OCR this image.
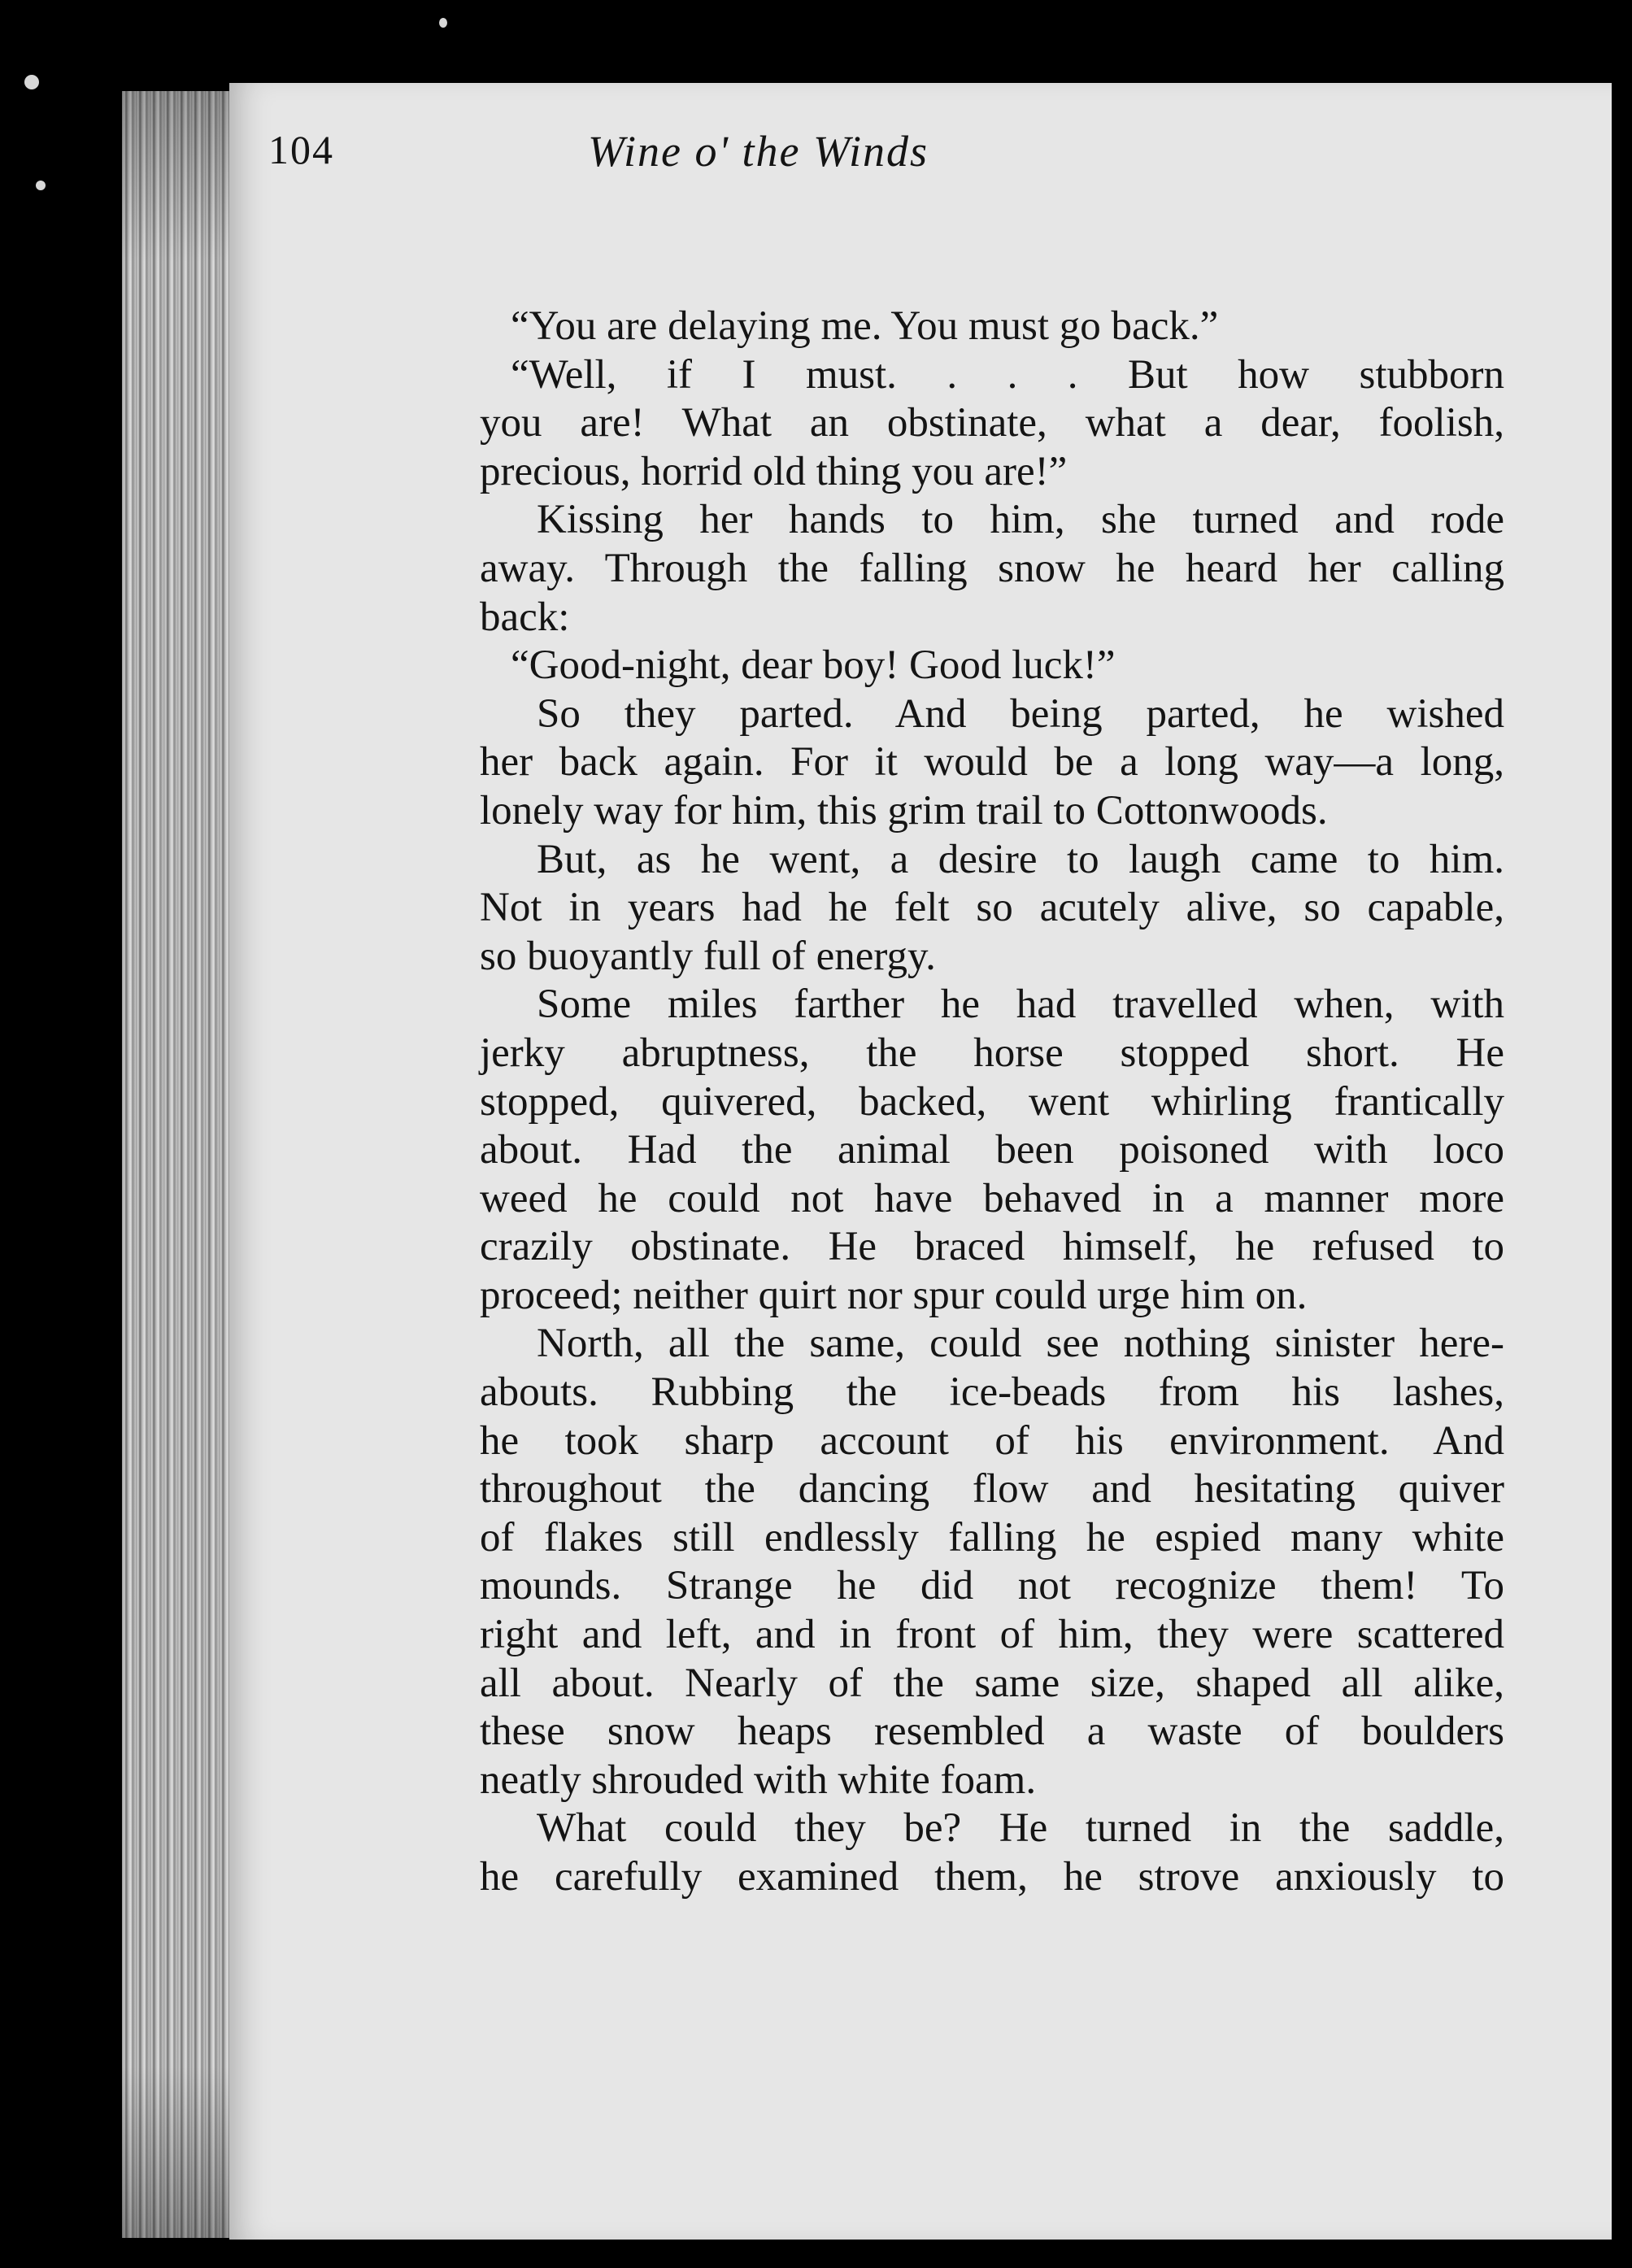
104	Wine o' the Winds
“You are delaying me. You must go back.”
“Well, if I must. . . . But how stubborn
you are! What an obstinate, what a dear, foolish,
precious, horrid old thing you are!”
Kissing her hands to him, she turned and rode
away. Through the falling snow he heard her calling
back:
“Good-night, dear boy! Good luck!”
So they parted. And being parted, he wished
her back again. For it would be a long way—a long,
lonely way for him, this grim trail to Cottonwoods.
But, as he went, a desire to laugh came to him.
Not in years had he felt so acutely alive, so capable,
so buoyantly full of energy.
Some miles farther he had travelled when, with
jerky abruptness, the horse stopped short. He
stopped, quivered, backed, went whirling frantically
about. Had the animal been poisoned with loco
weed he could not have behaved in a manner more
crazily obstinate. He braced himself, he refused to
proceed; neither quirt nor spur could urge him on.
North, all the same, could see nothing sinister here-
abouts. Rubbing the ice-beads from his lashes,
he took sharp account of his environment. And
throughout the dancing flow and hesitating quiver
of flakes still endlessly falling he espied many white
mounds. Strange he did not recognize them! To
right and left, and in front of him, they were scattered
all about. Nearly of the same size, shaped all alike,
these snow heaps resembled a waste of boulders
neatly shrouded with white foam.
What could they be? He turned in the saddle,
he carefully examined them, he strove anxiously to
